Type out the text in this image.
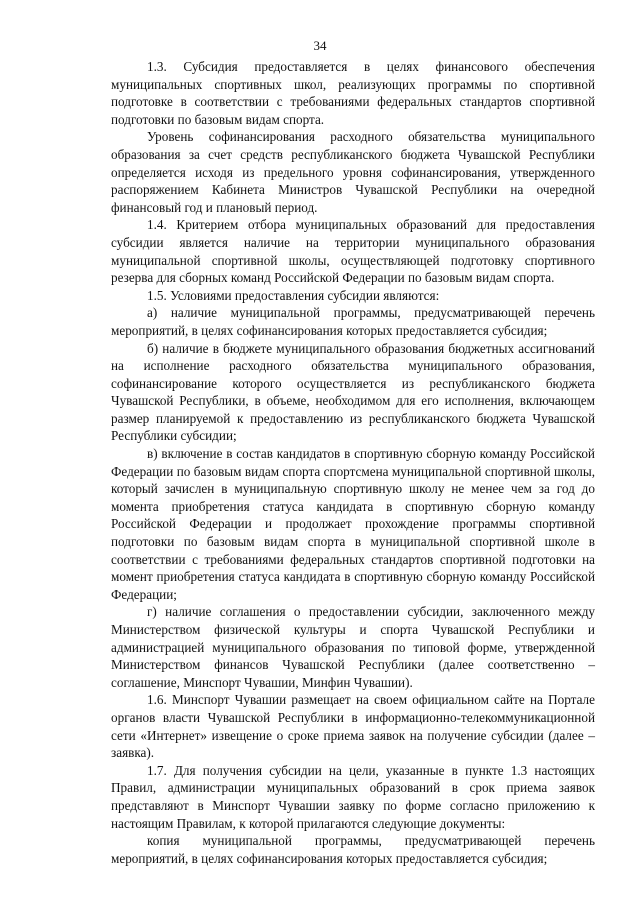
34

1.3. Субсидия предоставляется в целях финансового обеспечения муниципальных спортивных школ, реализующих программы по спортивной подготовке в соответствии с требованиями федеральных стандартов спортивной подготовки по базовым видам спорта.

Уровень софинансирования расходного обязательства муниципального образования за счет средств республиканского бюджета Чувашской Республики определяется исходя из предельного уровня софинансирования, утвержденного распоряжением Кабинета Министров Чувашской Республики на очередной финансовый год и плановый период.

1.4. Критерием отбора муниципальных образований для предоставления субсидии является наличие на территории муниципального образования муниципальной спортивной школы, осуществляющей подготовку спортивного резерва для сборных команд Российской Федерации по базовым видам спорта.

1.5. Условиями предоставления субсидии являются:

а) наличие муниципальной программы, предусматривающей перечень мероприятий, в целях софинансирования которых предоставляется субсидия;

б) наличие в бюджете муниципального образования бюджетных ассигнований на исполнение расходного обязательства муниципального образования, софинансирование которого осуществляется из республиканского бюджета Чувашской Республики, в объеме, необходимом для его исполнения, включающем размер планируемой к предоставлению из республиканского бюджета Чувашской Республики субсидии;

в) включение в состав кандидатов в спортивную сборную команду Российской Федерации по базовым видам спорта спортсмена муниципальной спортивной школы, который зачислен в муниципальную спортивную школу не менее чем за год до момента приобретения статуса кандидата в спортивную сборную команду Российской Федерации и продолжает прохождение программы спортивной подготовки по базовым видам спорта в муниципальной спортивной школе в соответствии с требованиями федеральных стандартов спортивной подготовки на момент приобретения статуса кандидата в спортивную сборную команду Российской Федерации;

г) наличие соглашения о предоставлении субсидии, заключенного между Министерством физической культуры и спорта Чувашской Республики и администрацией муниципального образования по типовой форме, утвержденной Министерством финансов Чувашской Республики (далее соответственно – соглашение, Минспорт Чувашии, Минфин Чувашии).

1.6. Минспорт Чувашии размещает на своем официальном сайте на Портале органов власти Чувашской Республики в информационно-телекоммуникационной сети «Интернет» извещение о сроке приема заявок на получение субсидии (далее – заявка).

1.7. Для получения субсидии на цели, указанные в пункте 1.3 настоящих Правил, администрации муниципальных образований в срок приема заявок представляют в Минспорт Чувашии заявку по форме согласно приложению к настоящим Правилам, к которой прилагаются следующие документы:

копия муниципальной программы, предусматривающей перечень мероприятий, в целях софинансирования которых предоставляется субсидия;
